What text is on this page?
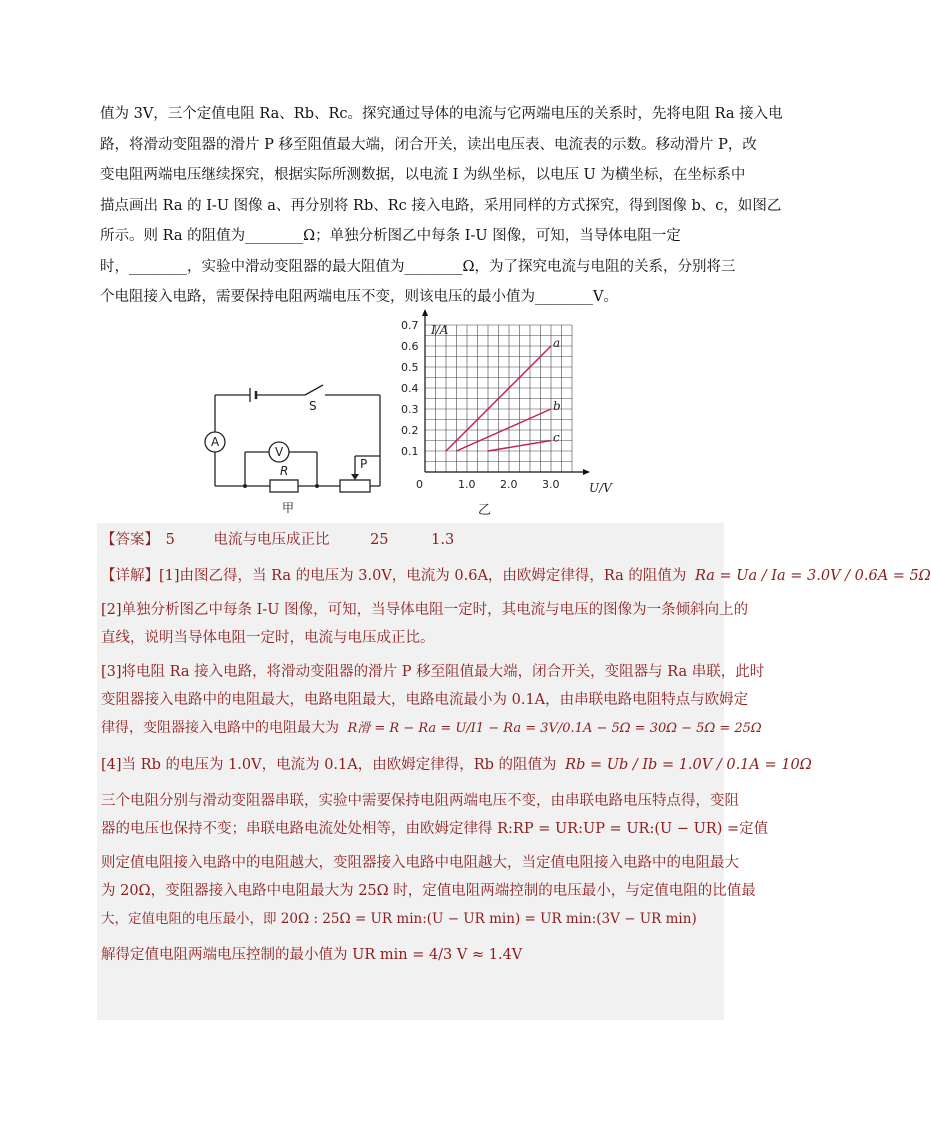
值为 3V，三个定值电阻 Ra、Rb、Rc。探究通过导体的电流与它两端电压的关系时，先将电阻 Ra 接入电

路，将滑动变阻器的滑片 P 移至阻值最大端，闭合开关，读出电压表、电流表的示数。移动滑片 P，改

变电阻两端电压继续探究，根据实际所测数据，以电流 I 为纵坐标，以电压 U 为横坐标，在坐标系中

描点画出 Ra 的 I-U 图像 a、再分别将 Rb、Rc 接入电路，采用同样的方式探究，得到图像 b、c，如图乙

所示。则 Ra 的阻值为________Ω；单独分析图乙中每条 I-U 图像，可知，当导体电阻一定

时，________，实验中滑动变阻器的最大阻值为________Ω，为了探究电流与电阻的关系，分别将三

个电阻接入电路，需要保持电阻两端电压不变，则该电压的最小值为________V。

A
V
R
S
P
甲
a
b
c
0.1
0.2
0.3
0.4
0.5
0.6
0.7
0	1.0 2.0 3.0
I/A
U/V
乙

【答案】 5	电流与电压成正比	25	1.3

【详解】[1]由图乙得，当 Ra 的电压为 3.0V，电流为 0.6A，由欧姆定律得，Ra 的阻值为 Ra = Ua / Ia = 3.0V / 0.6A = 5Ω

[2]单独分析图乙中每条 I-U 图像，可知，当导体电阻一定时，其电流与电压的图像为一条倾斜向上的

直线，说明当导体电阻一定时，电流与电压成正比。

[3]将电阻 Ra 接入电路，将滑动变阻器的滑片 P 移至阻值最大端，闭合开关，变阻器与 Ra 串联，此时

变阻器接入电路中的电阻最大，电路电阻最大，电路电流最小为 0.1A，由串联电路电阻特点与欧姆定

律得，变阻器接入电路中的电阻最大为 R滑 = R − Ra = U/I1 − Ra = 3V/0.1A − 5Ω = 30Ω − 5Ω = 25Ω

[4]当 Rb 的电压为 1.0V，电流为 0.1A，由欧姆定律得，Rb 的阻值为 Rb = Ub / Ib = 1.0V / 0.1A = 10Ω

三个电阻分别与滑动变阻器串联，实验中需要保持电阻两端电压不变，由串联电路电压特点得，变阻

器的电压也保持不变；串联电路电流处处相等，由欧姆定律得 R:RP = UR:UP = UR:(U − UR) =定值

则定值电阻接入电路中的电阻越大，变阻器接入电路中电阻越大，当定值电阻接入电路中的电阻最大

为 20Ω，变阻器接入电路中电阻最大为 25Ω 时，定值电阻两端控制的电压最小，与定值电阻的比值最

大，定值电阻的电压最小，即 20Ω : 25Ω = UR min:(U − UR min) = UR min:(3V − UR min)

解得定值电阻两端电压控制的最小值为 UR min = 4/3 V ≈ 1.4V
